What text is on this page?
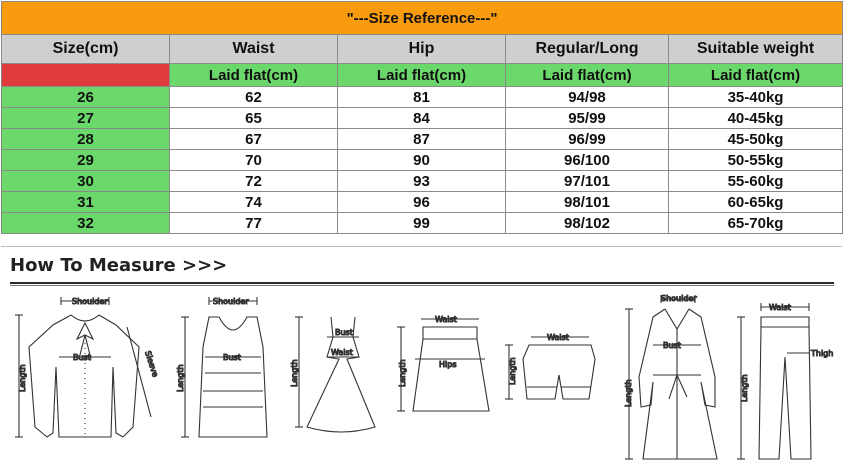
"---Size Reference---"				
Size(cm)	Waist	Hip	Regular/Long	Suitable weight
	Laid flat(cm)	Laid flat(cm)	Laid flat(cm)	Laid flat(cm)
26	62	81	94/98	35-40kg
27	65	84	95/99	40-45kg
28	67	87	96/99	45-50kg
29	70	90	96/100	50-55kg
30	72	93	97/101	55-60kg
31	74	96	98/101	60-65kg
32	77	99	98/102	65-70kg
How To Measure >>>
Shoulder
Bust	Sleeve
Length
Shoulder
Bust
Length
Bust
Waist
Length
Waist
Hips
Length
Waist
Length
Shoulder
Bust
Length
Waist
Thigh
Length
